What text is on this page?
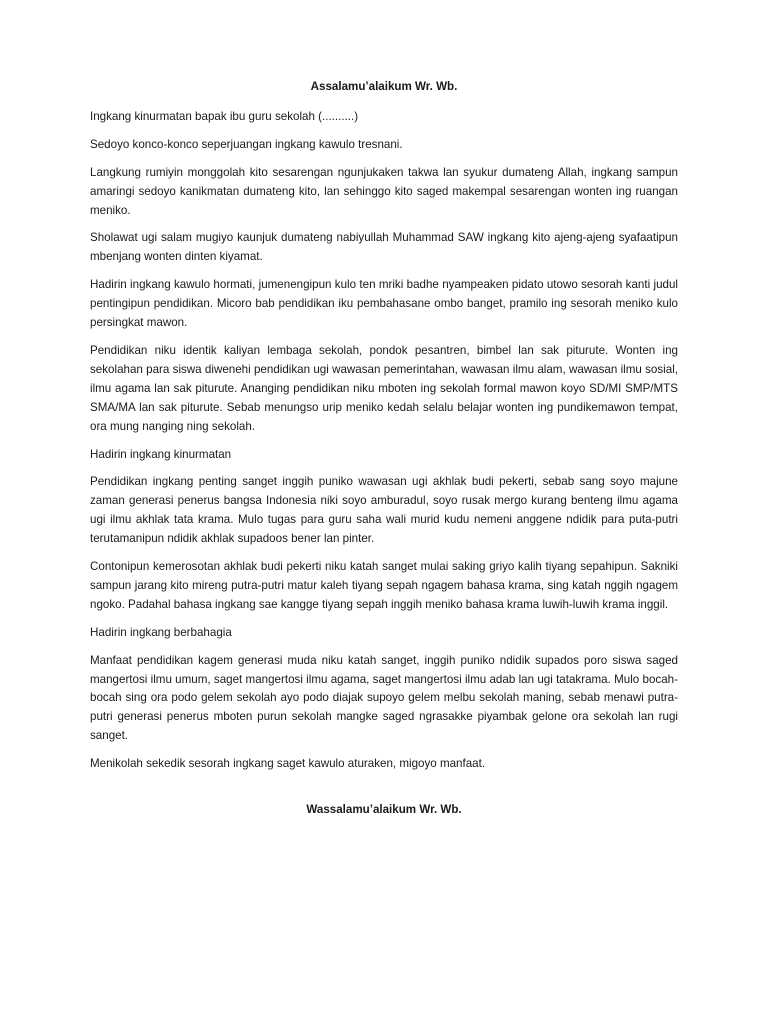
Assalamu’alaikum Wr. Wb.

Ingkang kinurmatan bapak ibu guru sekolah (..........)

Sedoyo konco-konco seperjuangan ingkang kawulo tresnani.

Langkung rumiyin monggolah kito sesarengan ngunjukaken takwa lan syukur dumateng Allah, ingkang sampun amaringi sedoyo kanikmatan dumateng kito, lan sehinggo kito saged makempal sesarengan wonten ing ruangan meniko.

Sholawat ugi salam mugiyo kaunjuk dumateng nabiyullah Muhammad SAW ingkang kito ajeng-ajeng syafaatipun mbenjang wonten dinten kiyamat.

Hadirin ingkang kawulo hormati, jumenengipun kulo ten mriki badhe nyampeaken pidato utowo sesorah kanti judul pentingipun pendidikan. Micoro bab pendidikan iku pembahasane ombo banget, pramilo ing sesorah meniko kulo persingkat mawon.

Pendidikan niku identik kaliyan lembaga sekolah, pondok pesantren, bimbel lan sak piturute. Wonten ing sekolahan para siswa diwenehi pendidikan ugi wawasan pemerintahan, wawasan ilmu alam, wawasan ilmu sosial, ilmu agama lan sak piturute. Ananging pendidikan niku mboten ing sekolah formal mawon koyo SD/MI SMP/MTS SMA/MA lan sak piturute. Sebab menungso urip meniko kedah selalu belajar wonten ing pundikemawon tempat, ora mung nanging ning sekolah.

Hadirin ingkang kinurmatan

Pendidikan ingkang penting sanget inggih puniko wawasan ugi akhlak budi pekerti, sebab sang soyo majune zaman generasi penerus bangsa Indonesia niki soyo amburadul, soyo rusak mergo kurang benteng ilmu agama ugi ilmu akhlak tata krama. Mulo tugas para guru saha wali murid kudu nemeni anggene ndidik para puta-putri terutamanipun ndidik akhlak supadoos bener lan pinter.

Contonipun kemerosotan akhlak budi pekerti niku katah sanget mulai saking griyo kalih tiyang sepahipun. Sakniki sampun jarang kito mireng putra-putri matur kaleh tiyang sepah ngagem bahasa krama, sing katah nggih ngagem ngoko. Padahal bahasa ingkang sae kangge tiyang sepah inggih meniko bahasa krama luwih-luwih krama inggil.

Hadirin ingkang berbahagia

Manfaat pendidikan kagem generasi muda niku katah sanget, inggih puniko ndidik supados poro siswa saged mangertosi ilmu umum, saget mangertosi ilmu agama, saget mangertosi ilmu adab lan ugi tatakrama. Mulo bocah-bocah sing ora podo gelem sekolah ayo podo diajak supoyo gelem melbu sekolah maning, sebab menawi putra-putri generasi penerus mboten purun sekolah mangke saged ngrasakke piyambak gelone ora sekolah lan rugi sanget.

Menikolah sekedik sesorah ingkang saget kawulo aturaken, migoyo manfaat.

Wassalamu’alaikum Wr. Wb.
